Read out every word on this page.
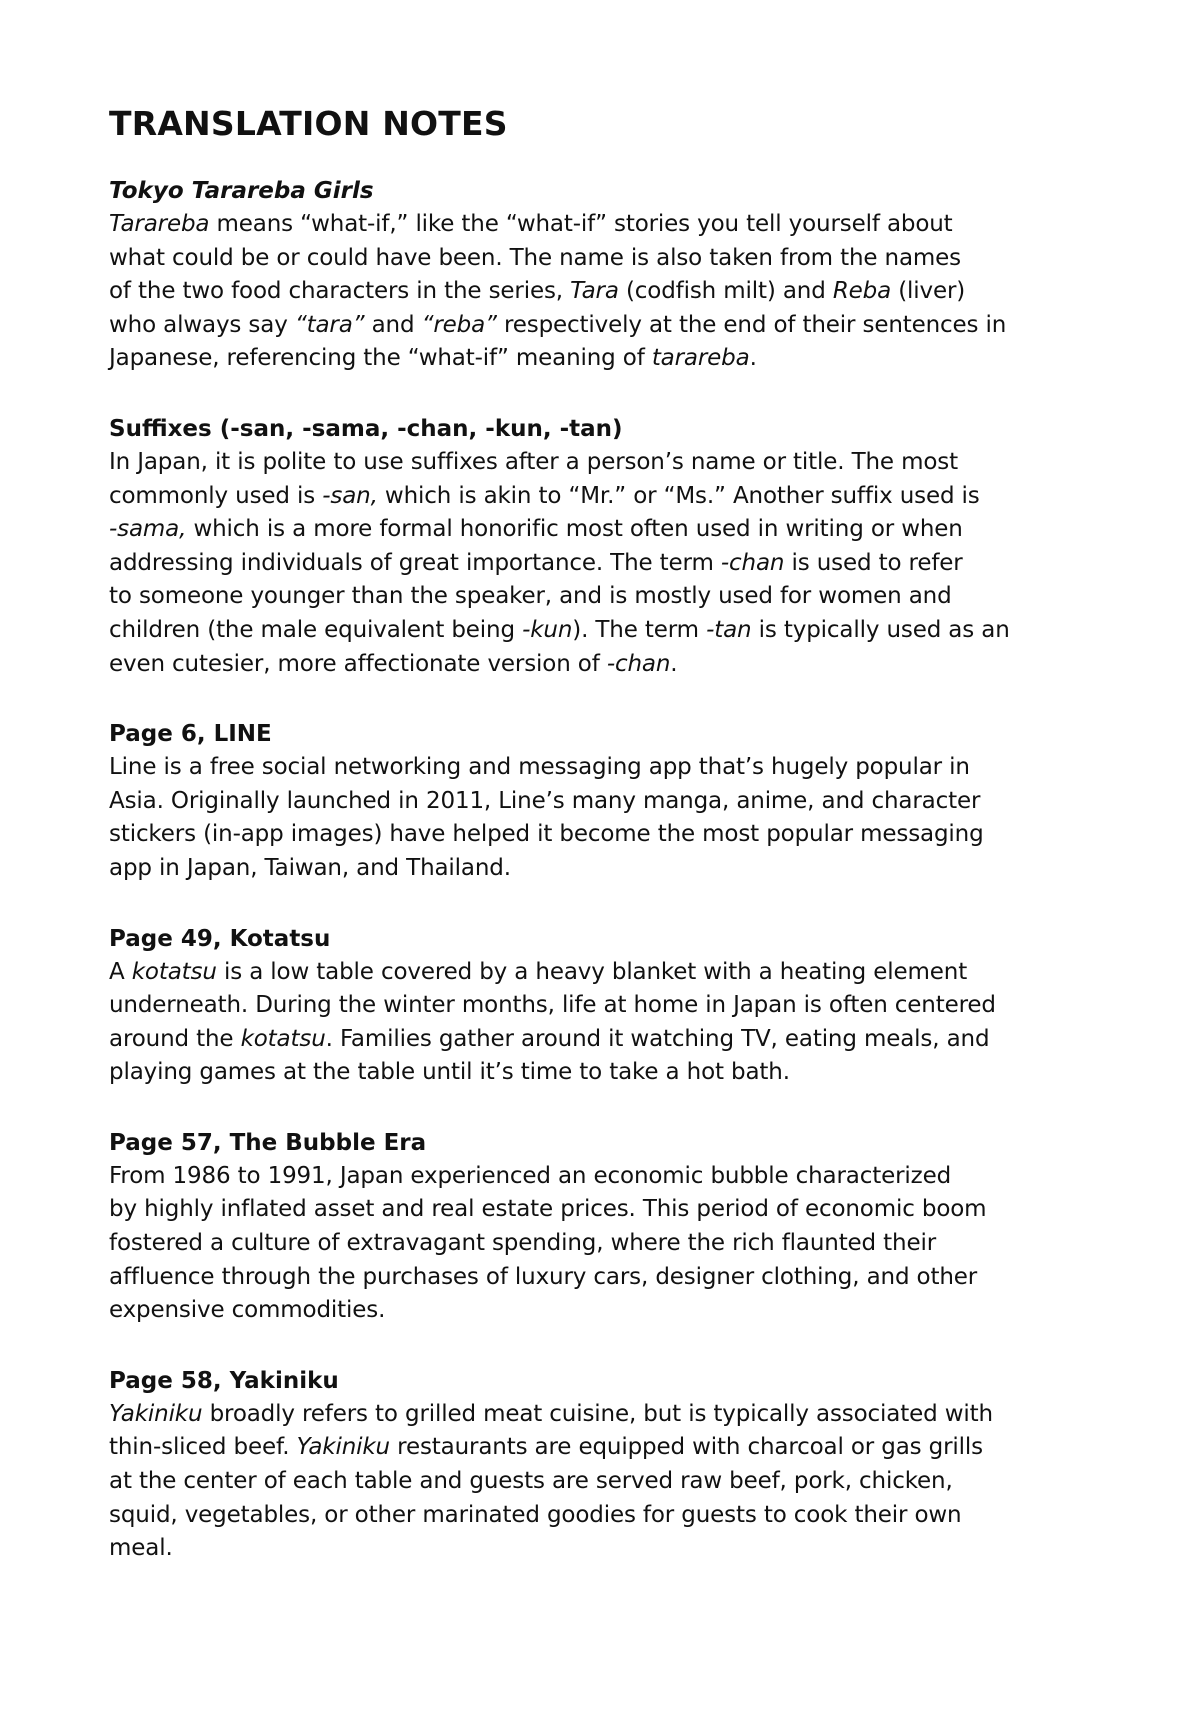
TRANSLATION NOTES
Tokyo Tarareba Girls
Tarareba means “what-if,” like the “what-if” stories you tell yourself about
what could be or could have been. The name is also taken from the names
of the two food characters in the series, Tara (codfish milt) and Reba (liver)
who always say “tara” and “reba” respectively at the end of their sentences in
Japanese, referencing the “what-if” meaning of tarareba.
Suffixes (-san, -sama, -chan, -kun, -tan)
In Japan, it is polite to use suffixes after a person’s name or title. The most
commonly used is -san, which is akin to “Mr.” or “Ms.” Another suffix used is
-sama, which is a more formal honorific most often used in writing or when
addressing individuals of great importance. The term -chan is used to refer
to someone younger than the speaker, and is mostly used for women and
children (the male equivalent being -kun). The term -tan is typically used as an
even cutesier, more affectionate version of -chan.
Page 6, LINE
Line is a free social networking and messaging app that’s hugely popular in
Asia. Originally launched in 2011, Line’s many manga, anime, and character
stickers (in-app images) have helped it become the most popular messaging
app in Japan, Taiwan, and Thailand.
Page 49, Kotatsu
A kotatsu is a low table covered by a heavy blanket with a heating element
underneath. During the winter months, life at home in Japan is often centered
around the kotatsu. Families gather around it watching TV, eating meals, and
playing games at the table until it’s time to take a hot bath.
Page 57, The Bubble Era
From 1986 to 1991, Japan experienced an economic bubble characterized
by highly inflated asset and real estate prices. This period of economic boom
fostered a culture of extravagant spending, where the rich flaunted their
affluence through the purchases of luxury cars, designer clothing, and other
expensive commodities.
Page 58, Yakiniku
Yakiniku broadly refers to grilled meat cuisine, but is typically associated with
thin-sliced beef. Yakiniku restaurants are equipped with charcoal or gas grills
at the center of each table and guests are served raw beef, pork, chicken,
squid, vegetables, or other marinated goodies for guests to cook their own
meal.
